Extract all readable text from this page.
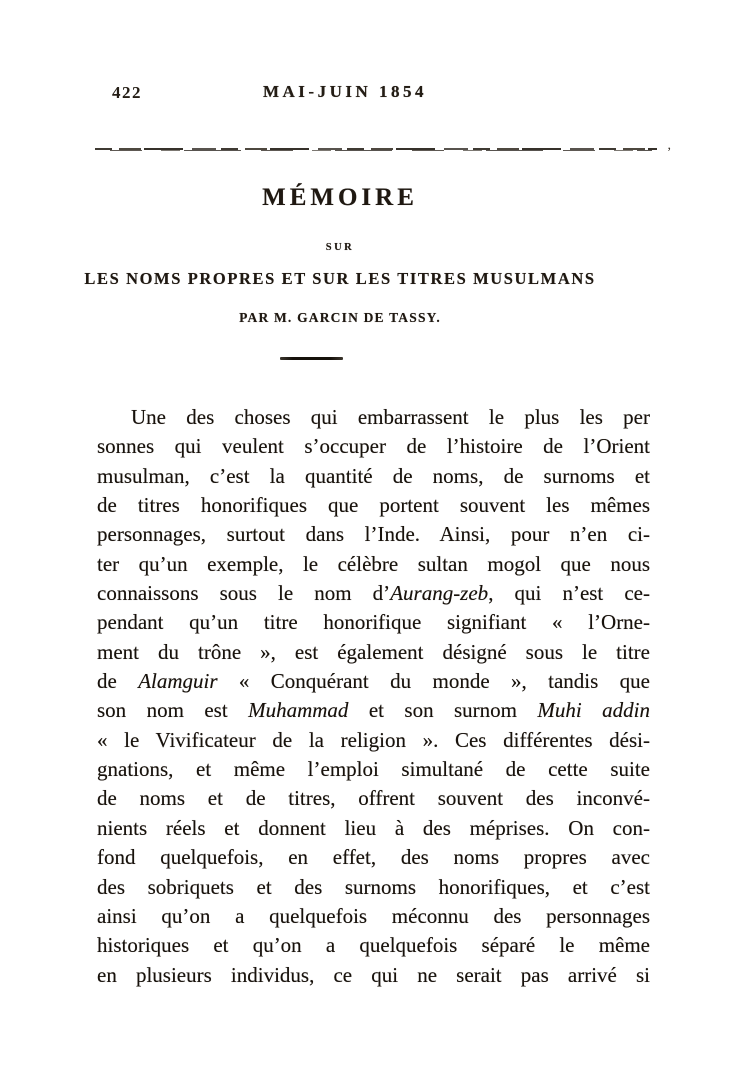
422	MAI-JUIN 1854
,
MÉMOIRE
SUR
LES NOMS PROPRES ET SUR LES TITRES MUSULMANS
PAR M. GARCIN DE TASSY.
Une des choses qui embarrassent le plus les per
sonnes qui veulent s’occuper de l’histoire de l’Orient
musulman, c’est la quantité de noms, de surnoms et
de titres honorifiques que portent souvent les mêmes
personnages, surtout dans l’Inde. Ainsi, pour n’en ci-
ter qu’un exemple, le célèbre sultan mogol que nous
connaissons sous le nom d’Aurang-zeb, qui n’est ce-
pendant qu’un titre honorifique signifiant « l’Orne-
ment du trône », est également désigné sous le titre
de Alamguir « Conquérant du monde », tandis que
son nom est Muhammad et son surnom Muhi addin
« le Vivificateur de la religion ». Ces différentes dési-
gnations, et même l’emploi simultané de cette suite
de noms et de titres, offrent souvent des inconvé-
nients réels et donnent lieu à des méprises. On con-
fond quelquefois, en effet, des noms propres avec
des sobriquets et des surnoms honorifiques, et c’est
ainsi qu’on a quelquefois méconnu des personnages
historiques et qu’on a quelquefois séparé le même
en plusieurs individus, ce qui ne serait pas arrivé si
